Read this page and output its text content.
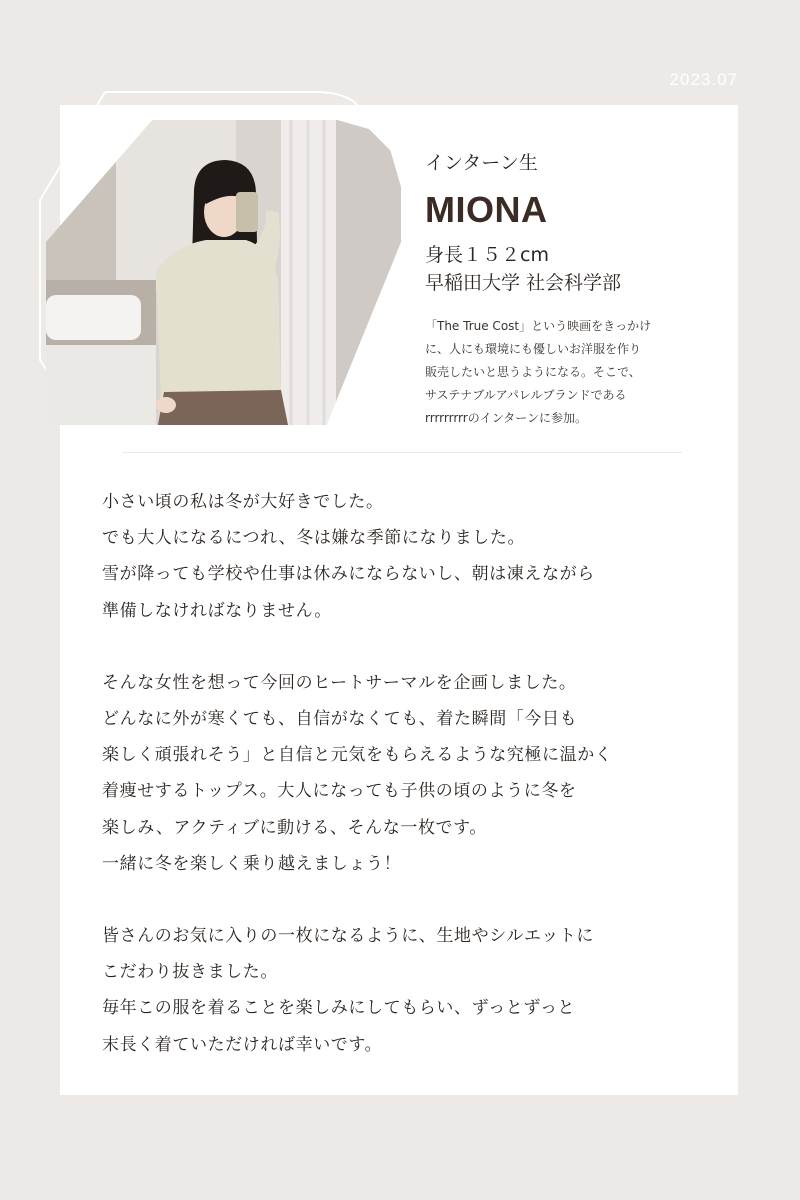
2023.07
インターン生
MIONA
身長１５２cm
早稲田大学 社会科学部
「The True Cost」という映画をきっかけ
に、人にも環境にも優しいお洋服を作り
販売したいと思うようになる。そこで、
サステナブルアパレルブランドである
rrrrrrrrrのインターンに参加。
小さい頃の私は冬が大好きでした。
でも大人になるにつれ、冬は嫌な季節になりました。
雪が降っても学校や仕事は休みにならないし、朝は凍えながら
準備しなければなりません。
そんな女性を想って今回のヒートサーマルを企画しました。
どんなに外が寒くても、自信がなくても、着た瞬間「今日も
楽しく頑張れそう」と自信と元気をもらえるような究極に温かく
着痩せするトップス。大人になっても子供の頃のように冬を
楽しみ、アクティブに動ける、そんな一枚です。
一緒に冬を楽しく乗り越えましょう！
皆さんのお気に入りの一枚になるように、生地やシルエットに
こだわり抜きました。
毎年この服を着ることを楽しみにしてもらい、ずっとずっと
末長く着ていただければ幸いです。
